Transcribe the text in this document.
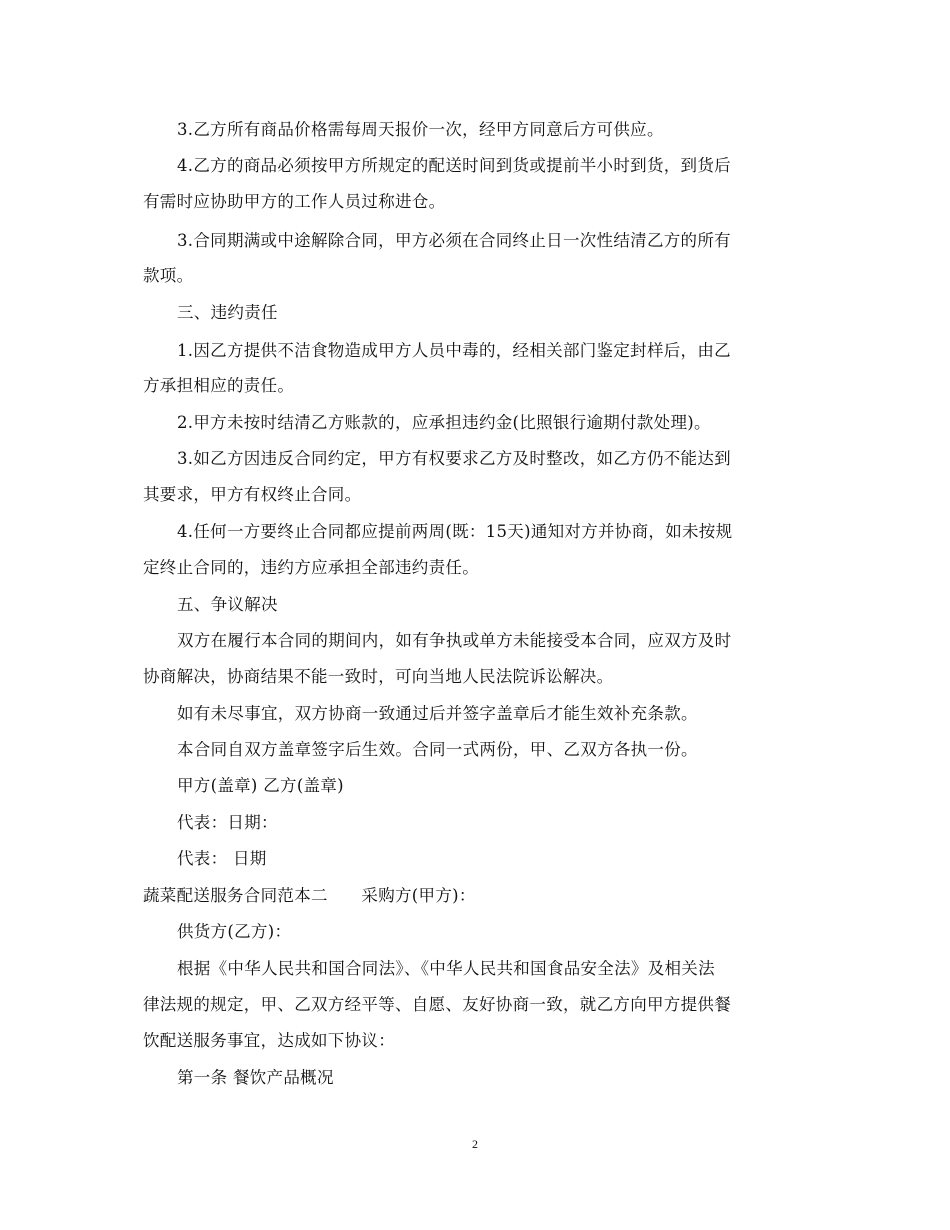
3.乙方所有商品价格需每周天报价一次，经甲方同意后方可供应。
4.乙方的商品必须按甲方所规定的配送时间到货或提前半小时到货，到货后
有需时应协助甲方的工作人员过称进仓。
3.合同期满或中途解除合同，甲方必须在合同终止日一次性结清乙方的所有
款项。
三、违约责任
1.因乙方提供不洁食物造成甲方人员中毒的，经相关部门鉴定封样后，由乙
方承担相应的责任。
2.甲方未按时结清乙方账款的，应承担违约金(比照银行逾期付款处理)。
3.如乙方因违反合同约定，甲方有权要求乙方及时整改，如乙方仍不能达到
其要求，甲方有权终止合同。
4.任何一方要终止合同都应提前两周(既：15天)通知对方并协商，如未按规
定终止合同的，违约方应承担全部违约责任。
五、争议解决
双方在履行本合同的期间内，如有争执或单方未能接受本合同，应双方及时
协商解决，协商结果不能一致时，可向当地人民法院诉讼解决。
如有未尽事宜，双方协商一致通过后并签字盖章后才能生效补充条款。
本合同自双方盖章签字后生效。合同一式两份，甲、乙双方各执一份。
甲方(盖章) 乙方(盖章)
代表：日期：
代表： 日期
蔬菜配送服务合同范本二　　采购方(甲方)：
供货方(乙方)：
根据《中华人民共和国合同法》、《中华人民共和国食品安全法》及相关法
律法规的规定，甲、乙双方经平等、自愿、友好协商一致，就乙方向甲方提供餐
饮配送服务事宜，达成如下协议：
第一条 餐饮产品概况
2
